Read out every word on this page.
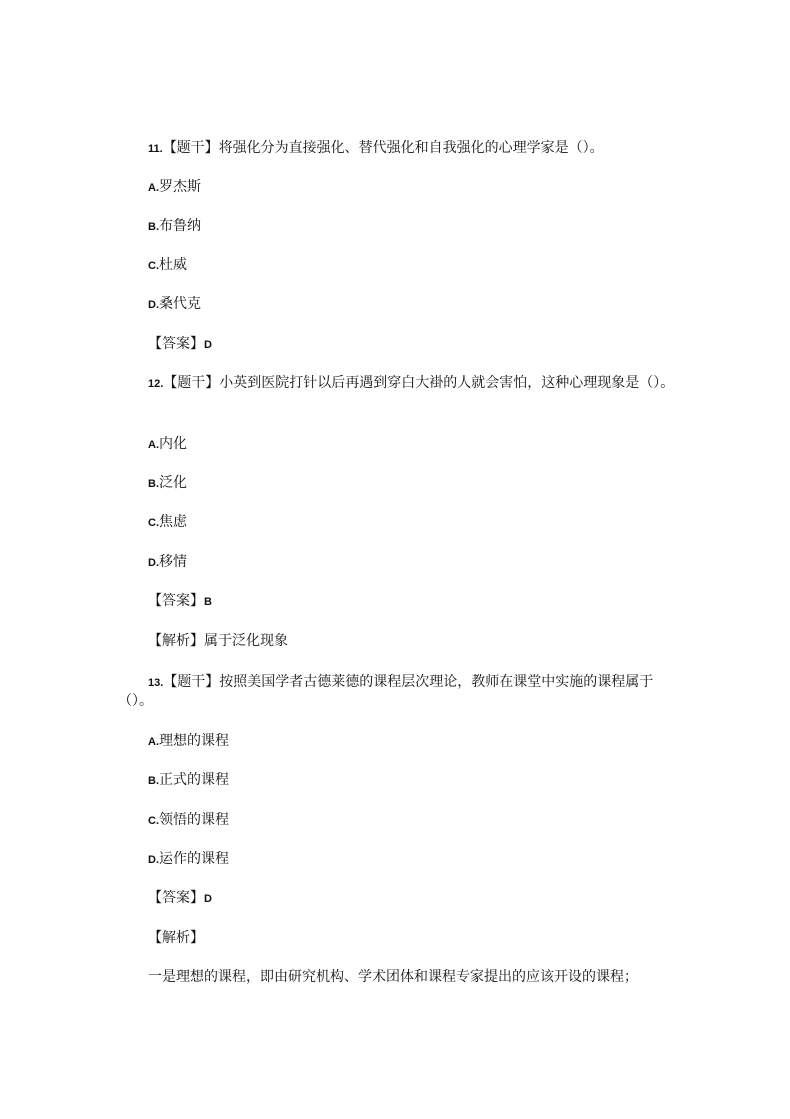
11.【题干】将强化分为直接强化、替代强化和自我强化的心理学家是（）。
A.罗杰斯
B.布鲁纳
C.杜威
D.桑代克
【答案】D
12.【题干】小英到医院打针以后再遇到穿白大褂的人就会害怕，这种心理现象是（）。
A.内化
B.泛化
C.焦虑
D.移情
【答案】B
【解析】属于泛化现象
13.【题干】按照美国学者古德莱德的课程层次理论，教师在课堂中实施的课程属于
（）。
A.理想的课程
B.正式的课程
C.领悟的课程
D.运作的课程
【答案】D
【解析】
一是理想的课程，即由研究机构、学术团体和课程专家提出的应该开设的课程；
